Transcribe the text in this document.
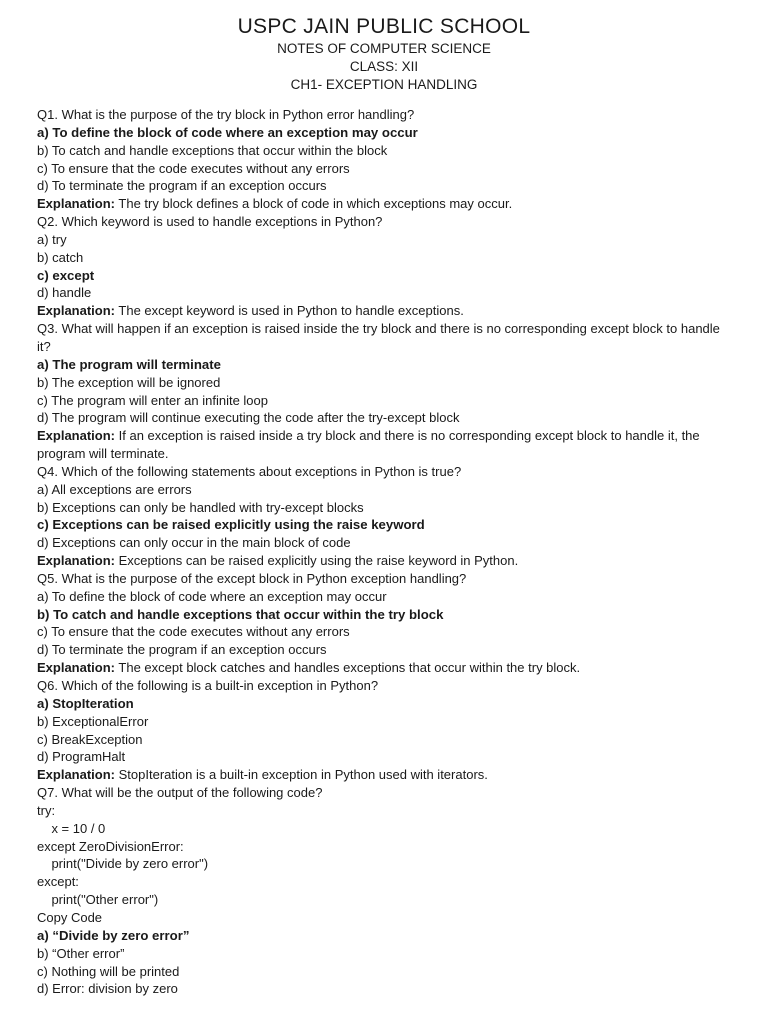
USPC JAIN PUBLIC SCHOOL
NOTES OF COMPUTER SCIENCE
CLASS: XII
CH1- EXCEPTION HANDLING

Q1. What is the purpose of the try block in Python error handling?

a) To define the block of code where an exception may occur

b) To catch and handle exceptions that occur within the block

c) To ensure that the code executes without any errors

d) To terminate the program if an exception occurs

Explanation: The try block defines a block of code in which exceptions may occur.

Q2. Which keyword is used to handle exceptions in Python?

a) try

b) catch

c) except

d) handle

Explanation: The except keyword is used in Python to handle exceptions.

Q3. What will happen if an exception is raised inside the try block and there is no corresponding except block to handle it?

a) The program will terminate

b) The exception will be ignored

c) The program will enter an infinite loop

d) The program will continue executing the code after the try-except block

Explanation: If an exception is raised inside a try block and there is no corresponding except block to handle it, the program will terminate.

Q4. Which of the following statements about exceptions in Python is true?

a) All exceptions are errors

b) Exceptions can only be handled with try-except blocks

c) Exceptions can be raised explicitly using the raise keyword

d) Exceptions can only occur in the main block of code

Explanation: Exceptions can be raised explicitly using the raise keyword in Python.

Q5. What is the purpose of the except block in Python exception handling?

a) To define the block of code where an exception may occur

b) To catch and handle exceptions that occur within the try block

c) To ensure that the code executes without any errors

d) To terminate the program if an exception occurs

Explanation: The except block catches and handles exceptions that occur within the try block.

Q6. Which of the following is a built-in exception in Python?

a) StopIteration

b) ExceptionalError

c) BreakException

d) ProgramHalt

Explanation: StopIteration is a built-in exception in Python used with iterators.

Q7. What will be the output of the following code?

try:

x = 10 / 0

except ZeroDivisionError:

print("Divide by zero error")

except:

print("Other error")

Copy Code

a) “Divide by zero error”

b) “Other error”

c) Nothing will be printed

d) Error: division by zero
